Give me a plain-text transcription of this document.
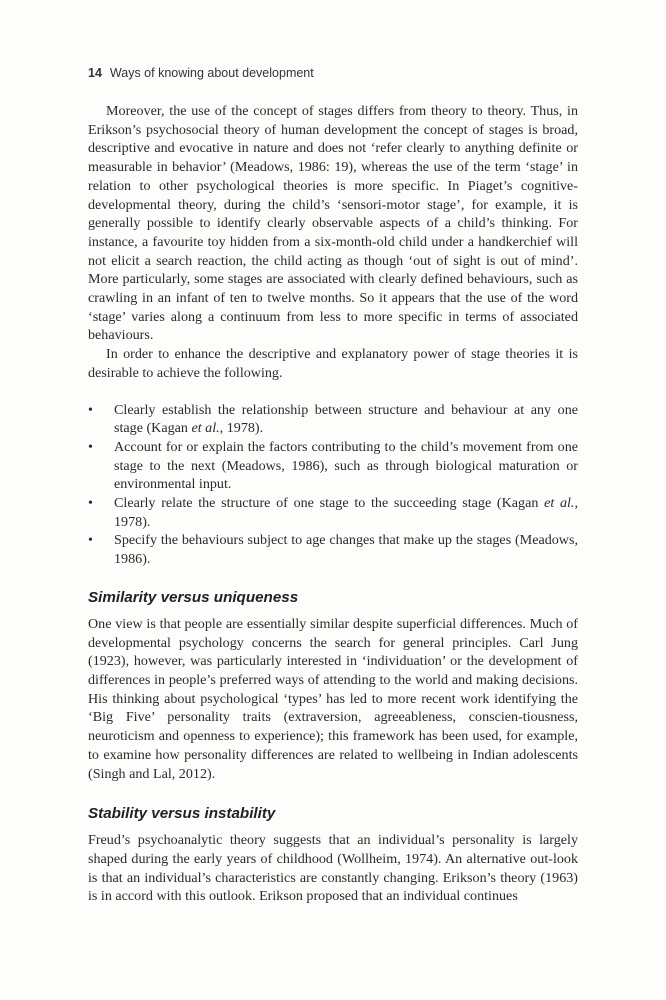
14 Ways of knowing about development

Moreover, the use of the concept of stages differs from theory to theory. Thus, in Erikson’s psychosocial theory of human development the concept of stages is broad, descriptive and evocative in nature and does not ‘refer clearly to anything definite or measurable in behavior’ (Meadows, 1986: 19), whereas the use of the term ‘stage’ in relation to other psychological theories is more specific. In Piaget’s cognitive-developmental theory, during the child’s ‘sensori-motor stage’, for example, it is generally possible to identify clearly observable aspects of a child’s thinking. For instance, a favourite toy hidden from a six-month-old child under a handkerchief will not elicit a search reaction, the child acting as though ‘out of sight is out of mind’. More particularly, some stages are associated with clearly defined behaviours, such as crawling in an infant of ten to twelve months. So it appears that the use of the word ‘stage’ varies along a continuum from less to more specific in terms of associated behaviours.

In order to enhance the descriptive and explanatory power of stage theories it is desirable to achieve the following.

• Clearly establish the relationship between structure and behaviour at any one stage (Kagan et al., 1978).
• Account for or explain the factors contributing to the child’s movement from one stage to the next (Meadows, 1986), such as through biological maturation or environmental input.
• Clearly relate the structure of one stage to the succeeding stage (Kagan et al., 1978).
• Specify the behaviours subject to age changes that make up the stages (Meadows, 1986).
Similarity versus uniqueness

One view is that people are essentially similar despite superficial differences. Much of developmental psychology concerns the search for general principles. Carl Jung (1923), however, was particularly interested in ‘individuation’ or the development of differences in people’s preferred ways of attending to the world and making decisions. His thinking about psychological ‘types’ has led to more recent work identifying the ‘Big Five’ personality traits (extraversion, agreeableness, conscien-tiousness, neuroticism and openness to experience); this framework has been used, for example, to examine how personality differences are related to wellbeing in Indian adolescents (Singh and Lal, 2012).

Stability versus instability

Freud’s psychoanalytic theory suggests that an individual’s personality is largely shaped during the early years of childhood (Wollheim, 1974). An alternative out-look is that an individual’s characteristics are constantly changing. Erikson’s theory (1963) is in accord with this outlook. Erikson proposed that an individual continues
